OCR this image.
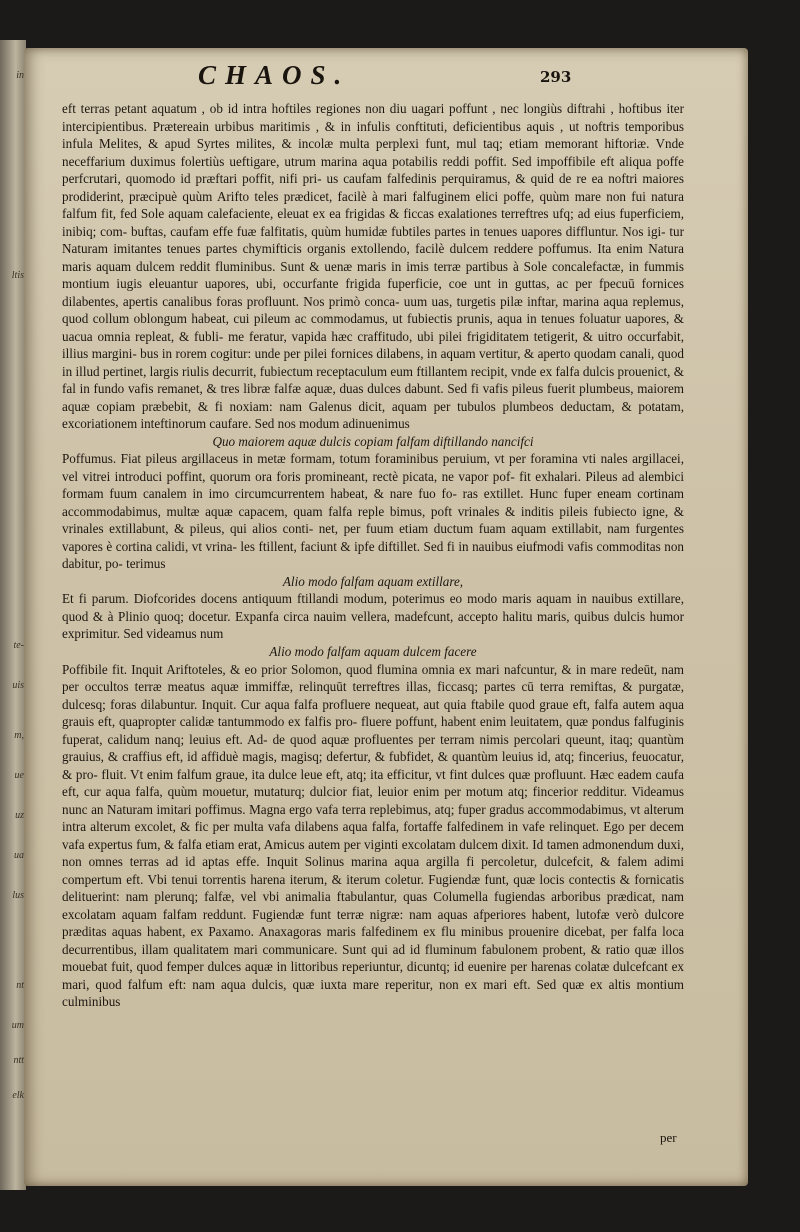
in
ltis
te-
uis
m,
ue
uz
ua
lus
nt
um
ntt
elk
CHAOS.	293

eft terras petant aquatum , ob id intra hoftiles regiones non diu uagari poffunt , nec longiùs diftrahi , hoftibus iter intercipientibus. Prætereain urbibus maritimis , & in infulis conftituti, deficientibus aquis , ut noftris temporibus infula Melites, & apud Syrtes milites, & incolæ multa perplexi funt, mul taq; etiam memorant hiftoriæ. Vnde neceffarium duximus folertiùs ueftigare, utrum marina aqua potabilis reddi poffit. Sed impoffibile eft aliqua poffe perfcrutari, quomodo id præftari poffit, nifi pri- us caufam falfedinis perquiramus, & quid de re ea noftri maiores prodiderint, præcipuè quùm Arifto teles prædicet, facilè à mari falfuginem elici poffe, quùm mare non fui natura falfum fit, fed Sole aquam calefaciente, eleuat ex ea frigidas & ficcas exalationes terreftres ufq; ad eius fuperficiem, inibiq; com- buftas, caufam effe fuæ falfitatis, quùm humidæ fubtiles partes in tenues uapores diffluntur. Nos igi- tur Naturam imitantes tenues partes chymifticis organis extollendo, facilè dulcem reddere poffumus. Ita enim Natura maris aquam dulcem reddit fluminibus. Sunt & uenæ maris in imis terræ partibus à Sole concalefactæ, in fummis montium iugis eleuantur uapores, ubi, occurfante frigida fuperficie, coe unt in guttas, ac per fpecuū fornices dilabentes, apertis canalibus foras profluunt. Nos primò conca- uum uas, turgetis pilæ inftar, marina aqua replemus, quod collum oblongum habeat, cui pileum ac commodamus, ut fubiectis prunis, aqua in tenues foluatur uapores, & uacua omnia repleat, & fubli- me feratur, vapida hæc craffitudo, ubi pilei frigiditatem tetigerit, & uitro occurfabit, illius margini- bus in rorem cogitur: unde per pilei fornices dilabens, in aquam vertitur, & aperto quodam canali, quod in illud pertinet, largis riulis decurrit, fubiectum receptaculum eum ftillantem recipit, vnde ex falfa dulcis prouenict, & fal in fundo vafis remanet, & tres libræ falfæ aquæ, duas dulces dabunt. Sed fi vafis pileus fuerit plumbeus, maiorem aquæ copiam præbebit, & fi noxiam: nam Galenus dicit, aquam per tubulos plumbeos deductam, & potatam, excoriationem inteftinorum caufare. Sed nos modum adinuenimus

Quo maiorem aquæ dulcis copiam falfam diftillando nancifci

Poffumus. Fiat pileus argillaceus in metæ formam, totum foraminibus peruium, vt per foramina vti nales argillacei, vel vitrei introduci poffint, quorum ora foris promineant, rectè picata, ne vapor pof- fit exhalari. Pileus ad alembici formam fuum canalem in imo circumcurrentem habeat, & nare fuo fo- ras extillet. Hunc fuper eneam cortinam accommodabimus, multæ aquæ capacem, quam falfa reple bimus, poft vrinales & inditis pileis fubiecto igne, & vrinales extillabunt, & pileus, qui alios conti- net, per fuum etiam ductum fuam aquam extillabit, nam furgentes vapores è cortina calidi, vt vrina- les ftillent, faciunt & ipfe diftillet. Sed fi in nauibus eiufmodi vafis commoditas non dabitur, po- terimus

Alio modo falfam aquam extillare,

Et fi parum. Diofcorides docens antiquum ftillandi modum, poterimus eo modo maris aquam in nauibus extillare, quod & à Plinio quoq; docetur. Expanfa circa nauim vellera, madefcunt, accepto halitu maris, quibus dulcis humor exprimitur. Sed videamus num

Alio modo falfam aquam dulcem facere

Poffibile fit. Inquit Ariftoteles, & eo prior Solomon, quod flumina omnia ex mari nafcuntur, & in mare redeūt, nam per occultos terræ meatus aquæ immiffæ, relinquūt terreftres illas, ficcasq; partes cū terra remiftas, & purgatæ, dulcesq; foras dilabuntur. Inquit. Cur aqua falfa profluere nequeat, aut quia ftabile quod graue eft, falfa autem aqua grauis eft, quapropter calidæ tantummodo ex falfis pro- fluere poffunt, habent enim leuitatem, quæ pondus falfuginis fuperat, calidum nanq; leuius eft. Ad- de quod aquæ profluentes per terram nimis percolari queunt, itaq; quantùm grauius, & craffius eft, id affiduè magis, magisq; defertur, & fubfidet, & quantùm leuius id, atq; fincerius, feuocatur, & pro- fluit. Vt enim falfum graue, ita dulce leue eft, atq; ita efficitur, vt fint dulces quæ profluunt. Hæc eadem caufa eft, cur aqua falfa, quùm mouetur, mutaturq; dulcior fiat, leuior enim per motum atq; fincerior redditur. Videamus nunc an Naturam imitari poffimus. Magna ergo vafa terra replebimus, atq; fuper gradus accommodabimus, vt alterum intra alterum excolet, & fic per multa vafa dilabens aqua falfa, fortaffe falfedinem in vafe relinquet. Ego per decem vafa expertus fum, & falfa etiam erat, Amicus autem per viginti excolatam dulcem dixit. Id tamen admonendum duxi, non omnes terras ad id aptas effe. Inquit Solinus marina aqua argilla fi percoletur, dulcefcit, & falem adimi compertum eft. Vbi tenui torrentis harena iterum, & iterum coletur. Fugiendæ funt, quæ locis contectis & fornicatis delituerint: nam plerunq; falfæ, vel vbi animalia ftabulantur, quas Columella fugiendas arboribus prædicat, nam excolatam aquam falfam reddunt. Fugiendæ funt terræ nigræ: nam aquas afperiores habent, lutofæ verò dulcore præditas aquas habent, ex Paxamo. Anaxagoras maris falfedinem ex flu minibus prouenire dicebat, per falfa loca decurrentibus, illam qualitatem mari communicare. Sunt qui ad id fluminum fabulonem probent, & ratio quæ illos mouebat fuit, quod femper dulces aquæ in littoribus reperiuntur, dicuntq; id euenire per harenas colatæ dulcefcant ex mari, quod falfum eft: nam aqua dulcis, quæ iuxta mare reperitur, non ex mari eft. Sed quæ ex altis montium culminibus

per
